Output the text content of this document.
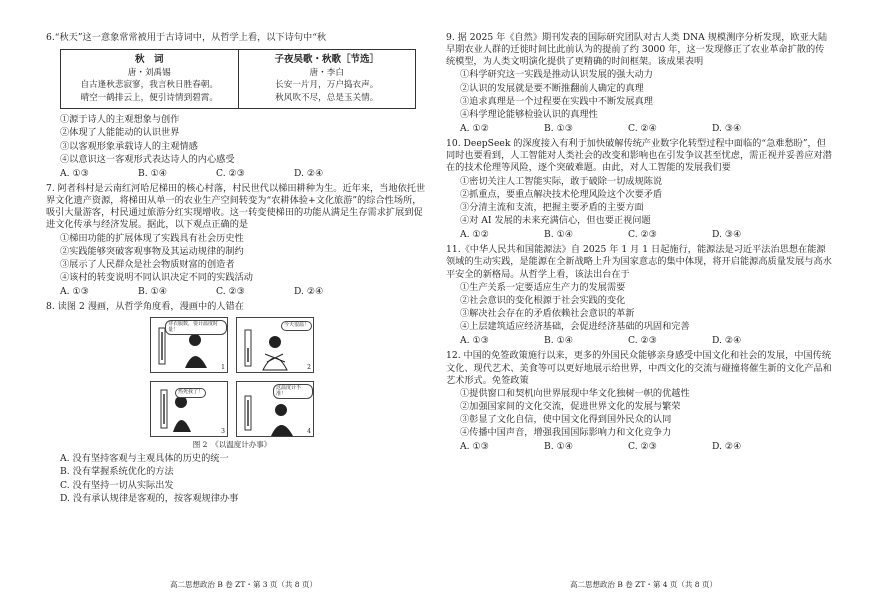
6.“秋天”这一意象常常被用于古诗词中，从哲学上看，以下诗句中“秋

秋　词
唐・刘禹锡
自古逢秋悲寂寥，我言秋日胜春朝。
晴空一鹤排云上，便引诗情到碧霄。

子夜吴歌・秋歌［节选］
唐・李白
长安一片月，万户捣衣声。
秋风吹不尽，总是玉关情。

①源于诗人的主观想象与创作

②体现了人能能动的认识世界

③以客观形象承载诗人的主观情感

④以意识这一客观形式表达诗人的内心感受

A. ①③	B. ①④	C. ②③	D. ②④

7. 阿者科村是云南红河哈尼梯田的核心村落，村民世代以梯田耕种为生。近年来，当地依托世界文化遗产资源，将梯田从单一的农业生产空间转变为“农耕体验+文化旅游”的综合性场所，吸引大量游客，村民通过旅游分红实现增收。这一转变使梯田的功能从满足生存需求扩展到促进文化传承与经济发展。据此，以下观点正确的是

①梯田功能的扩展体现了实践具有社会历史性

②实践能够突破客观事物及其运动规律的制约

③展示了人民群众是社会物质财富的创造者

④该村的转变说明不同认识决定不同的实践活动

A. ①③	B. ①④	C. ②③	D. ②④

8. 读图 2 漫画，从哲学角度看，漫画中的人错在

穿衣服数，要计温度时量！
1
今天很温！
2
热死我了！
3
这温度计不准！
4
图 2　《以温度计办事》

A. 没有坚持客观与主观具体的历史的统一

B. 没有掌握系统优化的方法

C. 没有坚持一切从实际出发

D. 没有承认规律是客观的，按客观规律办事

高二思想政治 B 卷 ZT・第 3 页（共 8 页）

9. 据 2025 年《自然》期刊发表的国际研究团队对古人类 DNA 规模测序分析发现，欧亚大陆早期农业人群的迁徙时间比此前认为的提前了约 3000 年，这一发现修正了农业革命扩散的传统模型，为人类文明演化提供了更精确的时间框架。该成果表明

①科学研究这一实践是推动认识发展的强大动力

②认识的发展就是要不断推翻前人确定的真理

③追求真理是一个过程要在实践中不断发展真理

④科学理论能够检验认识的真理性

A. ①②	B. ①③	C. ②④	D. ③④

10. DeepSeek 的深度接入有利于加快破解传统产业数字化转型过程中面临的“急难愁盼”，但同时也要看到，人工智能对人类社会的改变和影响也在引发争议甚至忧虑，需正视并妥善应对潜在的技术伦理等风险，逐个突破难题。由此，对人工智能的发展我们要

①密切关注人工智能实际，敢于破除一切成规陈说

②抓重点，要重点解决技术伦理风险这个次要矛盾

③分清主流和支流，把握主要矛盾的主要方面

④对 AI 发展的未来充满信心，但也要正视问题

A. ①②	B. ①④	C. ②③	D. ③④

11.《中华人民共和国能源法》自 2025 年 1 月 1 日起施行，能源法是习近平法治思想在能源领域的生动实践，是能源在全新战略上升为国家意志的集中体现，将开启能源高质量发展与高水平安全的新格局。从哲学上看，该法出台在于

①生产关系一定要适应生产力的发展需要

②社会意识的变化根源于社会实践的变化

③解决社会存在的矛盾依赖社会意识的革新

④上层建筑适应经济基础，会促进经济基础的巩固和完善

A. ①③	B. ①④	C. ②③	D. ②④

12. 中国的免签政策施行以来，更多的外国民众能够亲身感受中国文化和社会的发展，中国传统文化、现代艺术、美食等可以更好地展示给世界，中西文化的交流与碰撞将催生新的文化产品和艺术形式。免签政策

①提供窗口和契机向世界展现中华文化独树一帜的优越性

②加强国家间的文化交流，促进世界文化的发展与繁荣

③彰显了文化自信，使中国文化得到国外民众的认同

④传播中国声音，增强我国国际影响力和文化竞争力

A. ①③	B. ①④	C. ②③	D. ②④
高二思想政治 B 卷 ZT・第 4 页（共 8 页）
